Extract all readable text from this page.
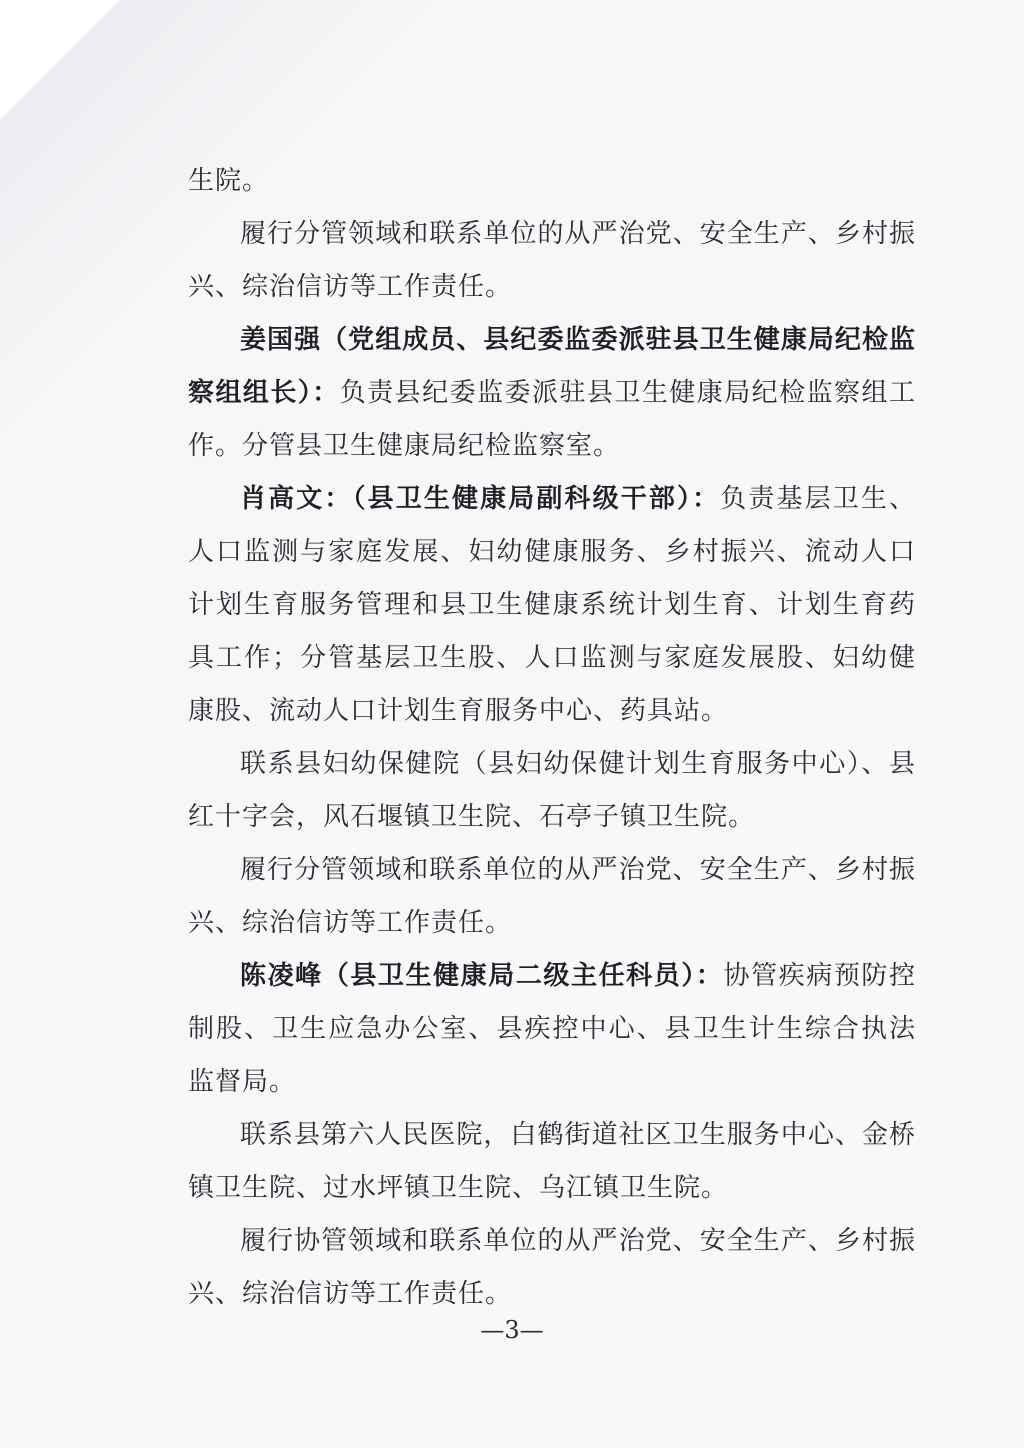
生院。

履行分管领域和联系单位的从严治党、安全生产、乡村振兴、综治信访等工作责任。

姜国强（党组成员、县纪委监委派驻县卫生健康局纪检监察组组长）：负责县纪委监委派驻县卫生健康局纪检监察组工作。分管县卫生健康局纪检监察室。

肖高文：（县卫生健康局副科级干部）：负责基层卫生、人口监测与家庭发展、妇幼健康服务、乡村振兴、流动人口计划生育服务管理和县卫生健康系统计划生育、计划生育药具工作；分管基层卫生股、人口监测与家庭发展股、妇幼健康股、流动人口计划生育服务中心、药具站。

联系县妇幼保健院（县妇幼保健计划生育服务中心）、县红十字会，风石堰镇卫生院、石亭子镇卫生院。

履行分管领域和联系单位的从严治党、安全生产、乡村振兴、综治信访等工作责任。

陈凌峰（县卫生健康局二级主任科员）：协管疾病预防控制股、卫生应急办公室、县疾控中心、县卫生计生综合执法监督局。

联系县第六人民医院，白鹤街道社区卫生服务中心、金桥镇卫生院、过水坪镇卫生院、乌江镇卫生院。

履行协管领域和联系单位的从严治党、安全生产、乡村振兴、综治信访等工作责任。

—3—
